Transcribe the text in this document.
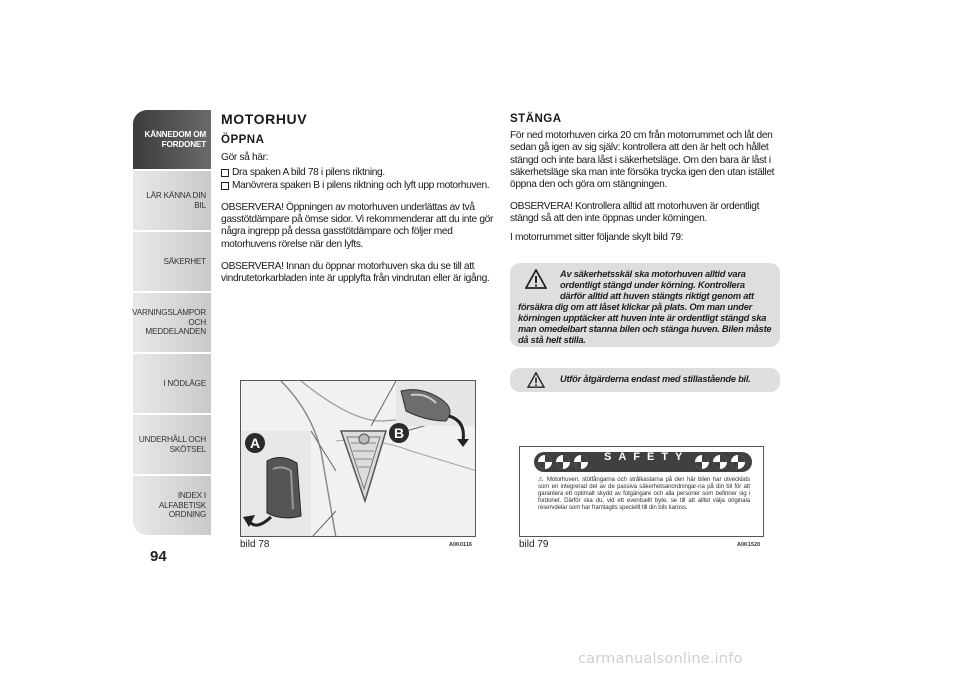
KÄNNEDOM OM FORDONET
LÄR KÄNNA DIN BIL
SÄKERHET
VARNINGSLAMPOR OCH MEDDELANDEN
I NÖDLÄGE
UNDERHÅLL OCH SKÖTSEL
INDEX I ALFABETISK ORDNING
94
MOTORHUV
ÖPPNA
Gör så här:
Dra spaken A bild 78 i pilens riktning.
Manövrera spaken B i pilens riktning och lyft upp motorhuven.
OBSERVERA! Öppningen av motorhuven underlättas av två gasstötdämpare på ömse sidor. Vi rekommenderar att du inte gör några ingrepp på dessa gasstötdämpare och följer med motorhuvens rörelse när den lyfts.
OBSERVERA! Innan du öppnar motorhuven ska du se till att vindrutetorkarbladen inte är upplyfta från vindrutan eller är igång.
STÄNGA
För ned motorhuven cirka 20 cm från motorrummet och låt den sedan gå igen av sig själv: kontrollera att den är helt och hållet stängd och inte bara låst i säkerhetsläge. Om den bara är låst i säkerhetsläge ska man inte försöka trycka igen den utan istället öppna den och göra om stängningen.
OBSERVERA! Kontrollera alltid att motorhuven är ordentligt stängd så att den inte öppnas under körningen.
I motorrummet sitter följande skylt bild 79:
Av säkerhetsskäl ska motorhuven alltid vara ordentligt stängd under körning. Kontrollera därför alltid att huven stängts riktigt genom att försäkra dig om att låset klickar på plats. Om man under körningen upptäcker att huven inte är ordentligt stängd ska man omedelbart stanna bilen och stänga huven. Bilen måste då stå helt stilla.
Utför åtgärderna endast med stillastående bil.
B
A
bild 78	A0K0116
SAFETY
⚠ Motorhuven, stötfångarna och strålkastarna på den här bilen har utvecklats som en integrerad del av de passiva säkerhetsanordningar-na på din bil för att garantera ett optimalt skydd av fotgängare och alla personer som befinner sig i fordonet. Därför ska du, vid ett eventuellt byte, se till att alltid välja originala reservdelar som har framtagits speciellt till din bils kaross.
bild 79	A0K1520
carmanualsonline.info
